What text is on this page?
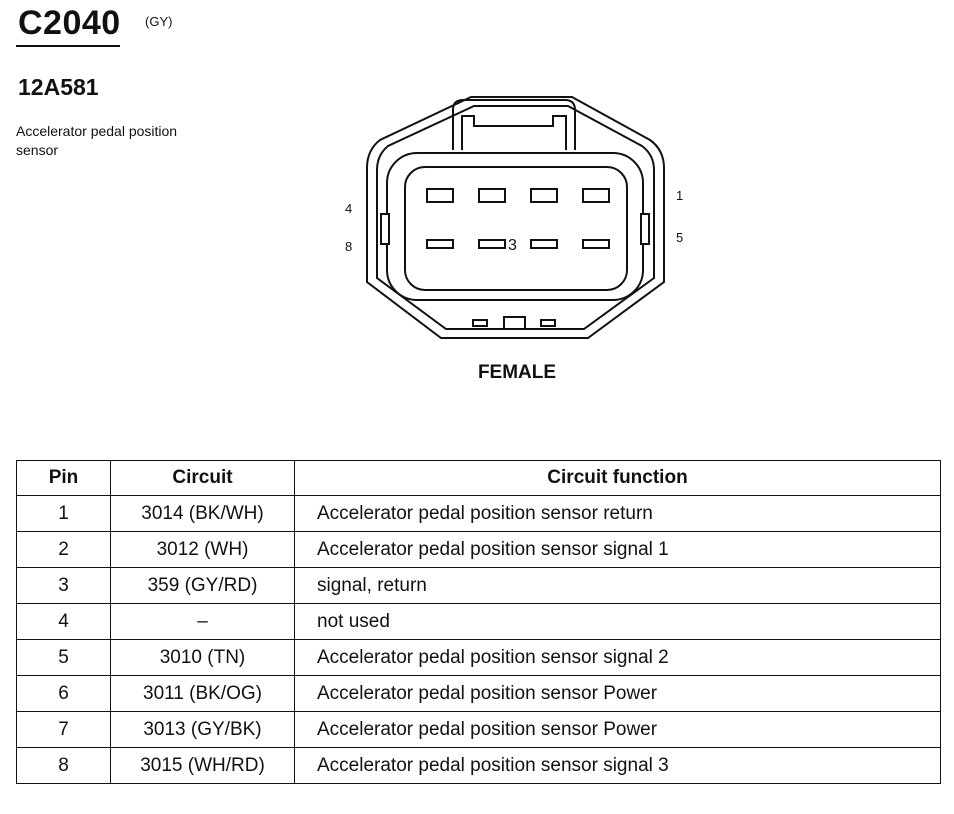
C2040 (GY)
12A581
Accelerator pedal position sensor
4
8
1
5
3
FEMALE
Pin	Circuit	Circuit function
1	3014 (BK/WH)	Accelerator pedal position sensor return
2	3012 (WH)	Accelerator pedal position sensor signal 1
3	359 (GY/RD)	signal, return
4	–	not used
5	3010 (TN)	Accelerator pedal position sensor signal 2
6	3011 (BK/OG)	Accelerator pedal position sensor Power
7	3013 (GY/BK)	Accelerator pedal position sensor Power
8	3015 (WH/RD)	Accelerator pedal position sensor signal 3
